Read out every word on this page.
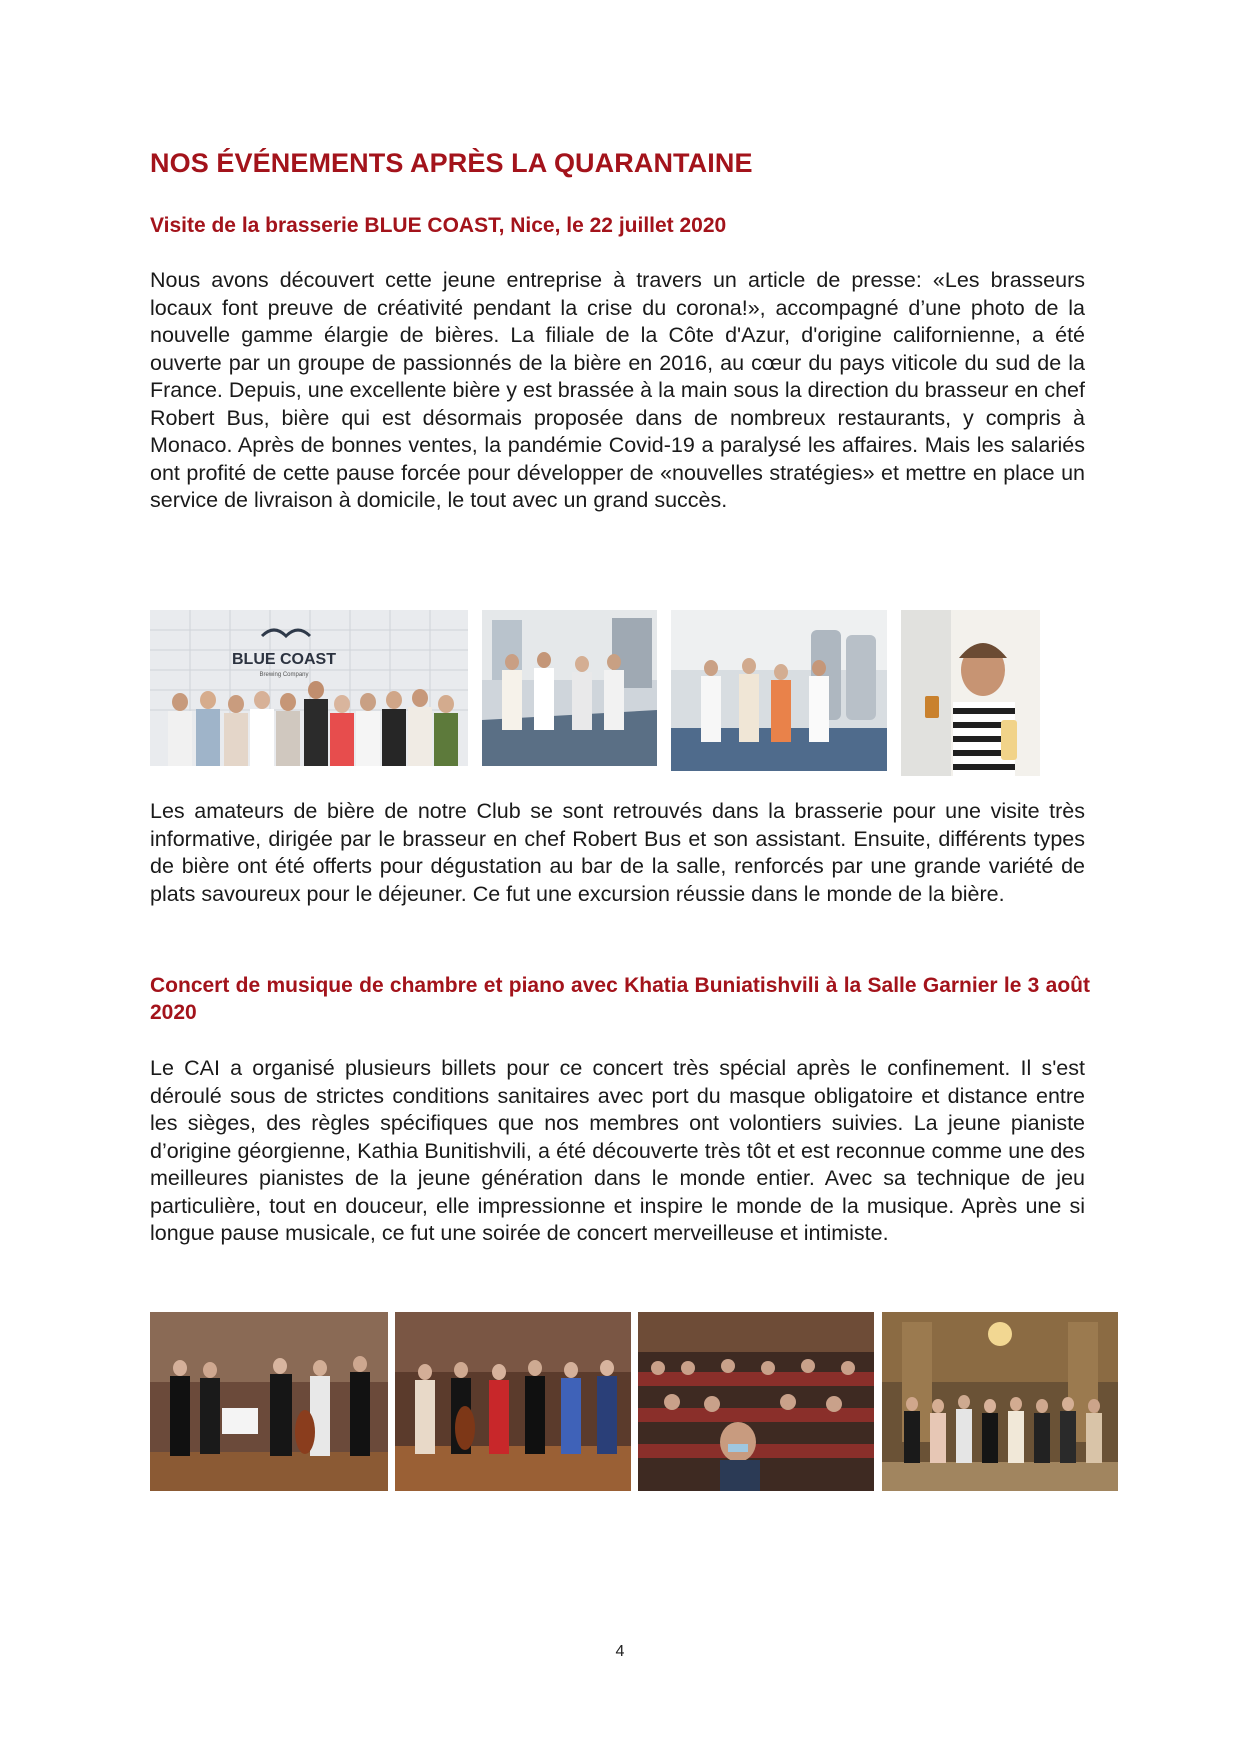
NOS ÉVÉNEMENTS APRÈS LA QUARANTAINE
Visite de la brasserie BLUE COAST, Nice, le 22 juillet 2020

Nous avons découvert cette jeune entreprise à travers un article de presse: «Les brasseurs locaux font preuve de créativité pendant la crise du corona!», accompagné d’une photo de la nouvelle gamme élargie de bières. La filiale de la Côte d'Azur, d'origine californienne, a été ouverte par un groupe de passionnés de la bière en 2016, au cœur du pays viticole du sud de la France. Depuis, une excellente bière y est brassée à la main sous la direction du brasseur en chef Robert Bus, bière qui est désormais proposée dans de nombreux restaurants, y compris à Monaco. Après de bonnes ventes, la pandémie Covid-19 a paralysé les affaires. Mais les salariés ont profité de cette pause forcée pour développer de «nouvelles stratégies» et mettre en place un service de livraison à domicile, le tout avec un grand succès.

BLUE COAST
Brewing Company

Les amateurs de bière de notre Club se sont retrouvés dans la brasserie pour une visite très informative, dirigée par le brasseur en chef Robert Bus et son assistant. Ensuite, différents types de bière ont été offerts pour dégustation au bar de la salle, renforcés par une grande variété de plats savoureux pour le déjeuner. Ce fut une excursion réussie dans le monde de la bière.

Concert de musique de chambre et piano avec Khatia Buniatishvili à la Salle Garnier le 3 août 2020

Le CAI a organisé plusieurs billets pour ce concert très spécial après le confinement. Il s'est déroulé sous de strictes conditions sanitaires avec port du masque obligatoire et distance entre les sièges, des règles spécifiques que nos membres ont volontiers suivies. La jeune pianiste d’origine géorgienne, Kathia Bunitishvili, a été découverte très tôt et est reconnue comme une des meilleures pianistes de la jeune génération dans le monde entier. Avec sa technique de jeu particulière, tout en douceur, elle impressionne et inspire le monde de la musique. Après une si longue pause musicale, ce fut une soirée de concert merveilleuse et intimiste.

4
